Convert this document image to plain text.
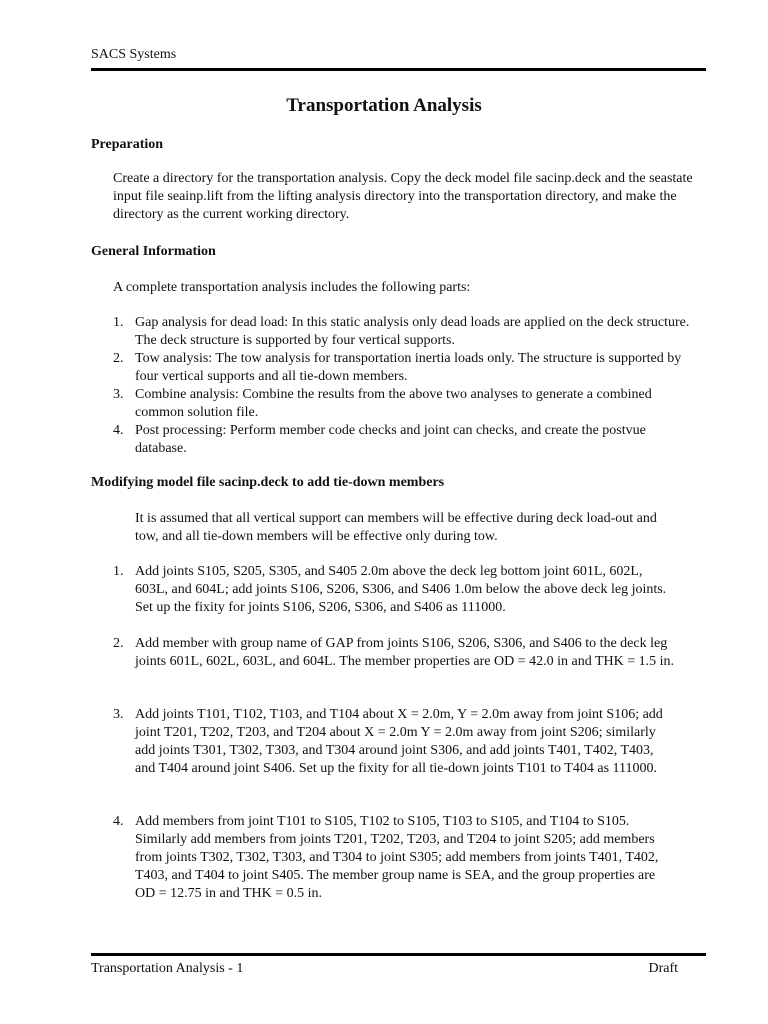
SACS Systems
Transportation Analysis
Preparation

Create a directory for the transportation analysis. Copy the deck model file sacinp.deck and the seastate input file seainp.lift from the lifting analysis directory into the transportation directory, and make the directory as the current working directory.

General Information

A complete transportation analysis includes the following parts:

1. Gap analysis for dead load: In this static analysis only dead loads are applied on the deck structure. The deck structure is supported by four vertical supports.
2. Tow analysis: The tow analysis for transportation inertia loads only. The structure is supported by four vertical supports and all tie-down members.
3. Combine analysis: Combine the results from the above two analyses to generate a combined common solution file.
4. Post processing: Perform member code checks and joint can checks, and create the postvue database.
Modifying model file sacinp.deck to add tie-down members

It is assumed that all vertical support can members will be effective during deck load-out and tow, and all tie-down members will be effective only during tow.

1. Add joints S105, S205, S305, and S405 2.0m above the deck leg bottom joint 601L, 602L, 603L, and 604L; add joints S106, S206, S306, and S406 1.0m below the above deck leg joints. Set up the fixity for joints S106, S206, S306, and S406 as 111000.
2. Add member with group name of GAP from joints S106, S206, S306, and S406 to the deck leg joints 601L, 602L, 603L, and 604L. The member properties are OD = 42.0 in and THK = 1.5 in.
3. Add joints T101, T102, T103, and T104 about X = 2.0m, Y = 2.0m away from joint S106; add joint T201, T202, T203, and T204 about X = 2.0m Y = 2.0m away from joint S206; similarly add joints T301, T302, T303, and T304 around joint S306, and add joints T401, T402, T403, and T404 around joint S406. Set up the fixity for all tie-down joints T101 to T404 as 111000.
4. Add members from joint T101 to S105, T102 to S105, T103 to S105, and T104 to S105. Similarly add members from joints T201, T202, T203, and T204 to joint S205; add members from joints T302, T302, T303, and T304 to joint S305; add members from joints T401, T402, T403, and T404 to joint S405. The member group name is SEA, and the group properties are OD = 12.75 in and THK = 0.5 in.
Transportation Analysis - 1	Draft
